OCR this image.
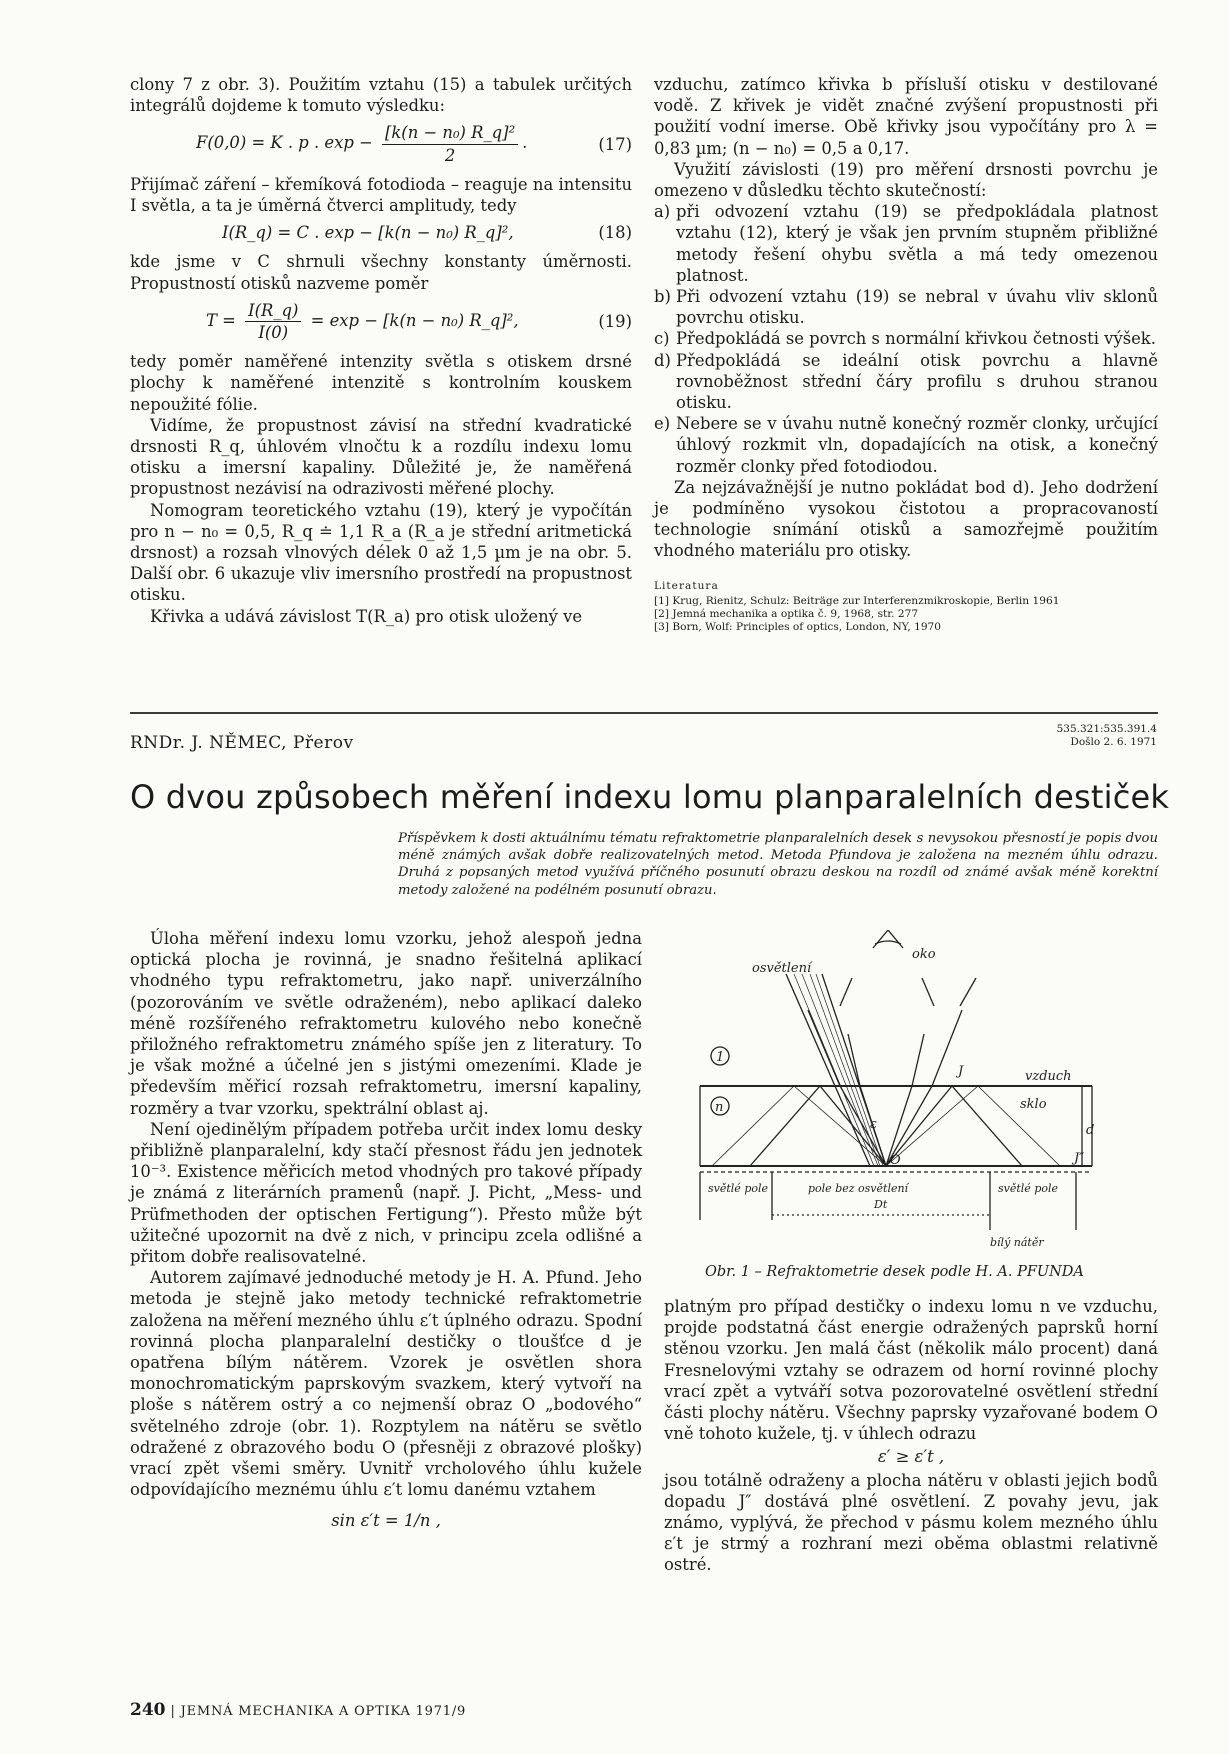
clony 7 z obr. 3). Použitím vztahu (15) a tabulek určitých integrálů dojdeme k tomuto výsledku:

F(0,0) = K . p . $\exp - \frac{\text{[k(n − n₀) R\_q]²}}{2}$ .	(17)

Přijímač záření – křemíková fotodioda – reaguje na intensitu I světla, a ta je úměrná čtverci amplitudy, tedy

I(R_q) = C . exp − [k(n − n₀) R_q]²,	(18)

kde jsme v C shrnuli všechny konstanty úměrnosti. Propustností otisků nazveme poměr

$T = \frac{I(R\_q)}{I(0)} = \exp - [k(n - n_0)$ R_q]²,	(19)

tedy poměr naměřené intenzity světla s otiskem drsné plochy k naměřené intenzitě s kontrolním kouskem nepoužité fólie.

Vidíme, že propustnost závisí na střední kvadratické drsnosti R_q, úhlovém vlnočtu k a rozdílu indexu lomu otisku a imersní kapaliny. Důležité je, že naměřená propustnost nezávisí na odrazivosti měřené plochy.

Nomogram teoretického vztahu (19), který je vypočítán pro n − n₀ = 0,5, R_q ≐ 1,1 R_a (R_a je střední aritmetická drsnost) a rozsah vlnových délek 0 až 1,5 µm je na obr. 5. Další obr. 6 ukazuje vliv imersního prostředí na propustnost otisku.

Křivka a udává závislost T(R_a) pro otisk uložený ve

vzduchu, zatímco křivka b přísluší otisku v destilované vodě. Z křivek je vidět značné zvýšení propustnosti při použití vodní imerse. Obě křivky jsou vypočítány pro λ = 0,83 µm; (n − n₀) = 0,5 a 0,17.

Využití závislosti (19) pro měření drsnosti povrchu je omezeno v důsledku těchto skutečností:

a) při odvození vztahu (19) se předpokládala platnost vztahu (12), který je však jen prvním stupněm přibližné metody řešení ohybu světla a má tedy omezenou platnost.
b) Při odvození vztahu (19) se nebral v úvahu vliv sklonů povrchu otisku.
c) Předpokládá se povrch s normální křivkou četnosti výšek.
d) Předpokládá se ideální otisk povrchu a hlavně rovnoběžnost střední čáry profilu s druhou stranou otisku.
e) Nebere se v úvahu nutně konečný rozměr clonky, určující úhlový rozkmit vln, dopadajících na otisk, a konečný rozměr clonky před fotodiodou.

Za nejzávažnější je nutno pokládat bod d). Jeho dodržení je podmíněno vysokou čistotou a propracovaností technologie snímání otisků a samozřejmě použitím vhodného materiálu pro otisky.

Literatura
[1] Krug, Rienitz, Schulz: Beiträge zur Interferenzmikroskopie, Berlin 1961
[2] Jemná mechanika a optika č. 9, 1968, str. 277
[3] Born, Wolf: Principles of optics, London, NY, 1970
RNDr. J. NĚMEC, Přerov
535.321:535.391.4
Došlo 2. 6. 1971
O dvou způsobech měření indexu lomu planparalelních destiček
Příspěvkem k dosti aktuálnímu tématu refraktometrie planparalelních desek s nevysokou přesností je popis dvou méně známých avšak dobře realizovatelných metod. Metoda Pfundova je založena na mezném úhlu odrazu. Druhá z popsaných metod využívá příčného posunutí obrazu deskou na rozdíl od známé avšak méně korektní metody založené na podélném posunutí obrazu.

Úloha měření indexu lomu vzorku, jehož alespoň jedna optická plocha je rovinná, je snadno řešitelná aplikací vhodného typu refraktometru, jako např. univerzálního (pozorováním ve světle odraženém), nebo aplikací daleko méně rozšířeného refraktometru kulového nebo konečně přiložného refraktometru známého spíše jen z literatury. To je však možné a účelné jen s jistými omezeními. Klade je především měřicí rozsah refraktometru, imersní kapaliny, rozměry a tvar vzorku, spektrální oblast aj.

Není ojedinělým případem potřeba určit index lomu desky přibližně planparalelní, kdy stačí přesnost řádu jen jednotek 10⁻³. Existence měřicích metod vhodných pro takové případy je známá z literárních pramenů (např. J. Picht, „Mess- und Prüfmethoden der optischen Fertigung“). Přesto může být užitečné upozornit na dvě z nich, v principu zcela odlišné a přitom dobře realisovatelné.

Autorem zajímavé jednoduché metody je H. A. Pfund. Jeho metoda je stejně jako metody technické refraktometrie založena na měření mezného úhlu ε′t úplného odrazu. Spodní rovinná plocha planparalelní destičky o tloušťce d je opatřena bílým nátěrem. Vzorek je osvětlen shora monochromatickým paprskovým svazkem, který vytvoří na ploše s nátěrem ostrý a co nejmenší obraz O „bodového“ světelného zdroje (obr. 1). Rozptylem na nátěru se světlo odražené z obrazového bodu O (přesněji z obrazové plošky) vrací zpět všemi směry. Uvnitř vrcholového úhlu kužele odpovídajícího meznému úhlu ε′t lomu danému vztahem

sin ε′t = 1/n ,
oko
osvětlení
vzduch
sklo
d
1
n
J
J″
ε
O
světlé pole	světlé pole
pole bez osvětlení
Dt
bílý nátěr
Obr. 1 – Refraktometrie desek podle H. A. PFUNDA

platným pro případ destičky o indexu lomu n ve vzduchu, projde podstatná část energie odražených paprsků horní stěnou vzorku. Jen malá část (několik málo procent) daná Fresnelovými vztahy se odrazem od horní rovinné plochy vrací zpět a vytváří sotva pozorovatelné osvětlení střední části plochy nátěru. Všechny paprsky vyzařované bodem O vně tohoto kužele, tj. v úhlech odrazu

ε′ ≥ ε′t ,

jsou totálně odraženy a plocha nátěru v oblasti jejich bodů dopadu J″ dostává plné osvětlení. Z povahy jevu, jak známo, vyplývá, že přechod v pásmu kolem mezného úhlu ε′t je strmý a rozhraní mezi oběma oblastmi relativně ostré.

240 | JEMNÁ MECHANIKA A OPTIKA 1971/9
